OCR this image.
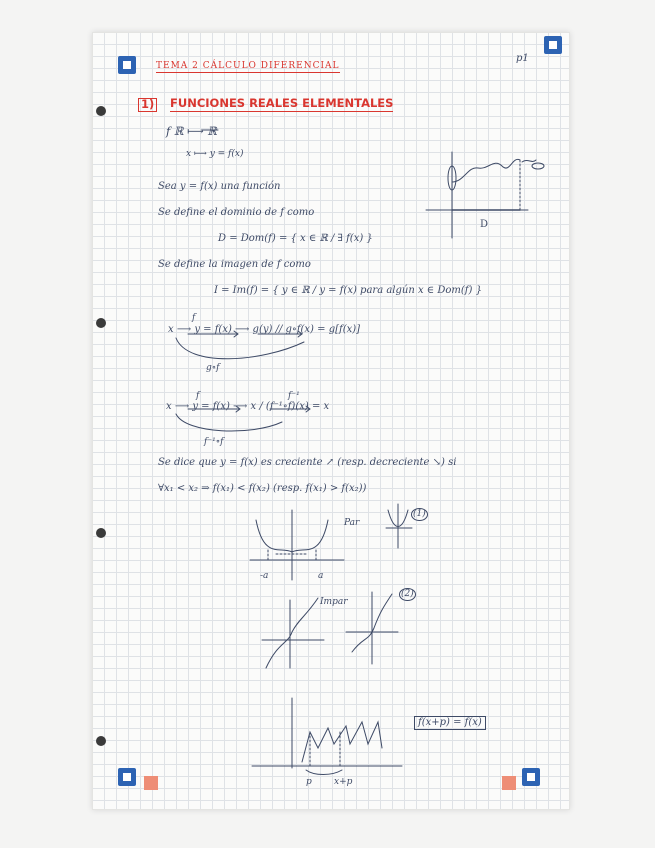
TEMA 2 CÁLCULO DIFERENCIAL
p1
1) FUNCIONES REALES ELEMENTALES
f ℝ ⟼ ℝ
x ⟼ y = f(x)
Sea y = f(x) una función
Se define el dominio de f como
D = Dom(f) = { x ∈ ℝ / ∃ f(x) }
Se define la imagen de f como
I = Im(f) = { y ∈ ℝ / y = f(x) para algún x ∈ Dom(f) }
x ⟶ y = f(x) ⟶ g(y) // g∘f(x) = g[f(x)]
f
g∘f
x ⟶ y = f(x) ⟶ x / (f⁻¹∘f)(x) = x
f	f⁻¹
f⁻¹∘f
Se dice que y = f(x) es creciente ↗ (resp. decreciente ↘) si
∀x₁ < x₂ ⇒ f(x₁) < f(x₂) (resp. f(x₁) > f(x₂))
D
Par
-a	a
Impar
(1)
(2)
f(x+p) = f(x)
p x+p
